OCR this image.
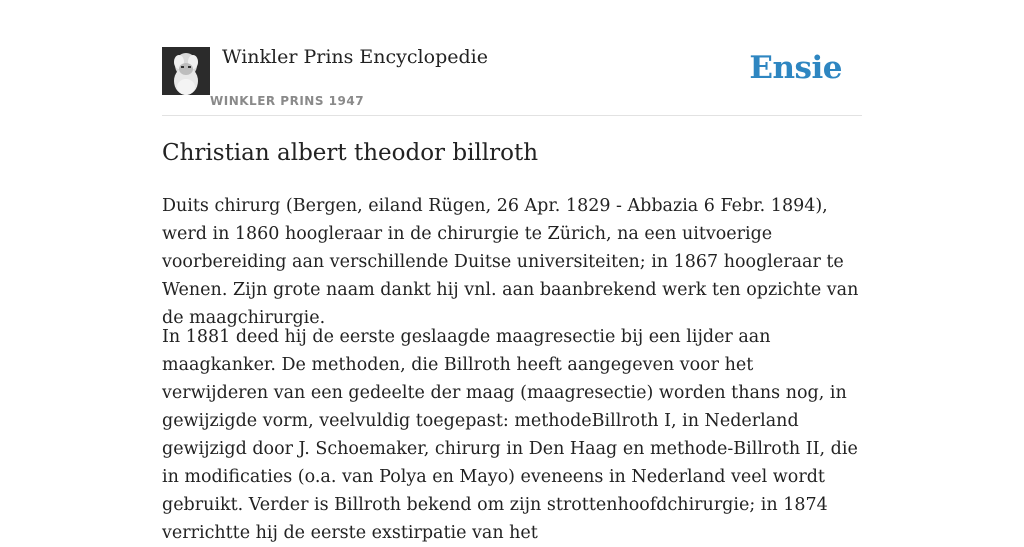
Winkler Prins Encyclopedie
WINKLER PRINS 1947
Ensie
Christian albert theodor billroth

Duits chirurg (Bergen, eiland Rügen, 26 Apr. 1829 - Abbazia 6 Febr. 1894), werd in 1860 hoogleraar in de chirurgie te Zürich, na een uitvoerige voorbereiding aan verschillende Duitse universiteiten; in 1867 hoogleraar te Wenen. Zijn grote naam dankt hij vnl. aan baanbrekend werk ten opzichte van de maagchirurgie.

In 1881 deed hij de eerste geslaagde maagresectie bij een lijder aan maagkanker. De methoden, die Billroth heeft aangegeven voor het verwijderen van een gedeelte der maag (maagresectie) worden thans nog, in gewijzigde vorm, veelvuldig toegepast: methodeBillroth I, in Nederland gewijzigd door J. Schoemaker, chirurg in Den Haag en methode-Billroth II, die in modificaties (o.a. van Polya en Mayo) eveneens in Nederland veel wordt gebruikt. Verder is Billroth bekend om zijn strottenhoofdchirurgie; in 1874 verrichtte hij de eerste exstirpatie van het
